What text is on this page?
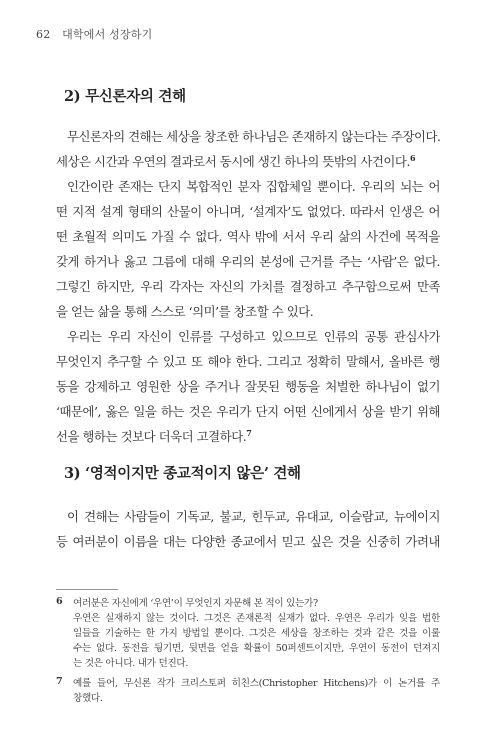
62 대학에서 성장하기
2) 무신론자의 견해
무신론자의 견해는 세상을 창조한 하나님은 존재하지 않는다는 주장이다.
세상은 시간과 우연의 결과로서 동시에 생긴 하나의 뜻밖의 사건이다.$^6$
인간이란 존재는 단지 복합적인 분자 집합체일 뿐이다. 우리의 뇌는 어
떤 지적 설계 형태의 산물이 아니며, ‘설계자’도 없었다. 따라서 인생은 어
떤 초월적 의미도 가질 수 없다. 역사 밖에 서서 우리 삶의 사건에 목적을
갖게 하거나 옳고 그름에 대해 우리의 본성에 근거를 주는 ‘사람’은 없다.
그렇긴 하지만, 우리 각자는 자신의 가치를 결정하고 추구함으로써 만족
을 얻는 삶을 통해 스스로 ‘의미’를 창조할 수 있다.
우리는 우리 자신이 인류를 구성하고 있으므로 인류의 공통 관심사가
무엇인지 추구할 수 있고 또 해야 한다. 그리고 정확히 말해서, 올바른 행
동을 강제하고 영원한 상을 주거나 잘못된 행동을 처벌한 하나님이 없기
‘때문에’, 옳은 일을 하는 것은 우리가 단지 어떤 신에게서 상을 받기 위해
선을 행하는 것보다 더욱더 고결하다.$^7$
3) ‘영적이지만 종교적이지 않은’ 견해
이 견해는 사람들이 기독교, 불교, 힌두교, 유대교, 이슬람교, 뉴에이지
등 여러분이 이름을 대는 다양한 종교에서 믿고 싶은 것을 신중히 가려내
6	여러분은 자신에게 ‘우연’이 무엇인지 자문해 본 적이 있는가?
우연은 실재하지 않는 것이다. 그것은 존재론적 실재가 없다. 우연은 우리가 잊을 법한
일들을 기술하는 한 가지 방법일 뿐이다. 그것은 세상을 창조하는 것과 같은 것을 이룰
수는 없다. 동전을 뒹기면, 뒷면을 얻을 확률이 50퍼센트이지만, 우연이 동전이 던져지
는 것은 아니다. 내가 던진다.
7	예를 들어, 무신론 작가 크리스토퍼 히친스(Christopher Hitchens)가 이 논거를 주
창했다.
